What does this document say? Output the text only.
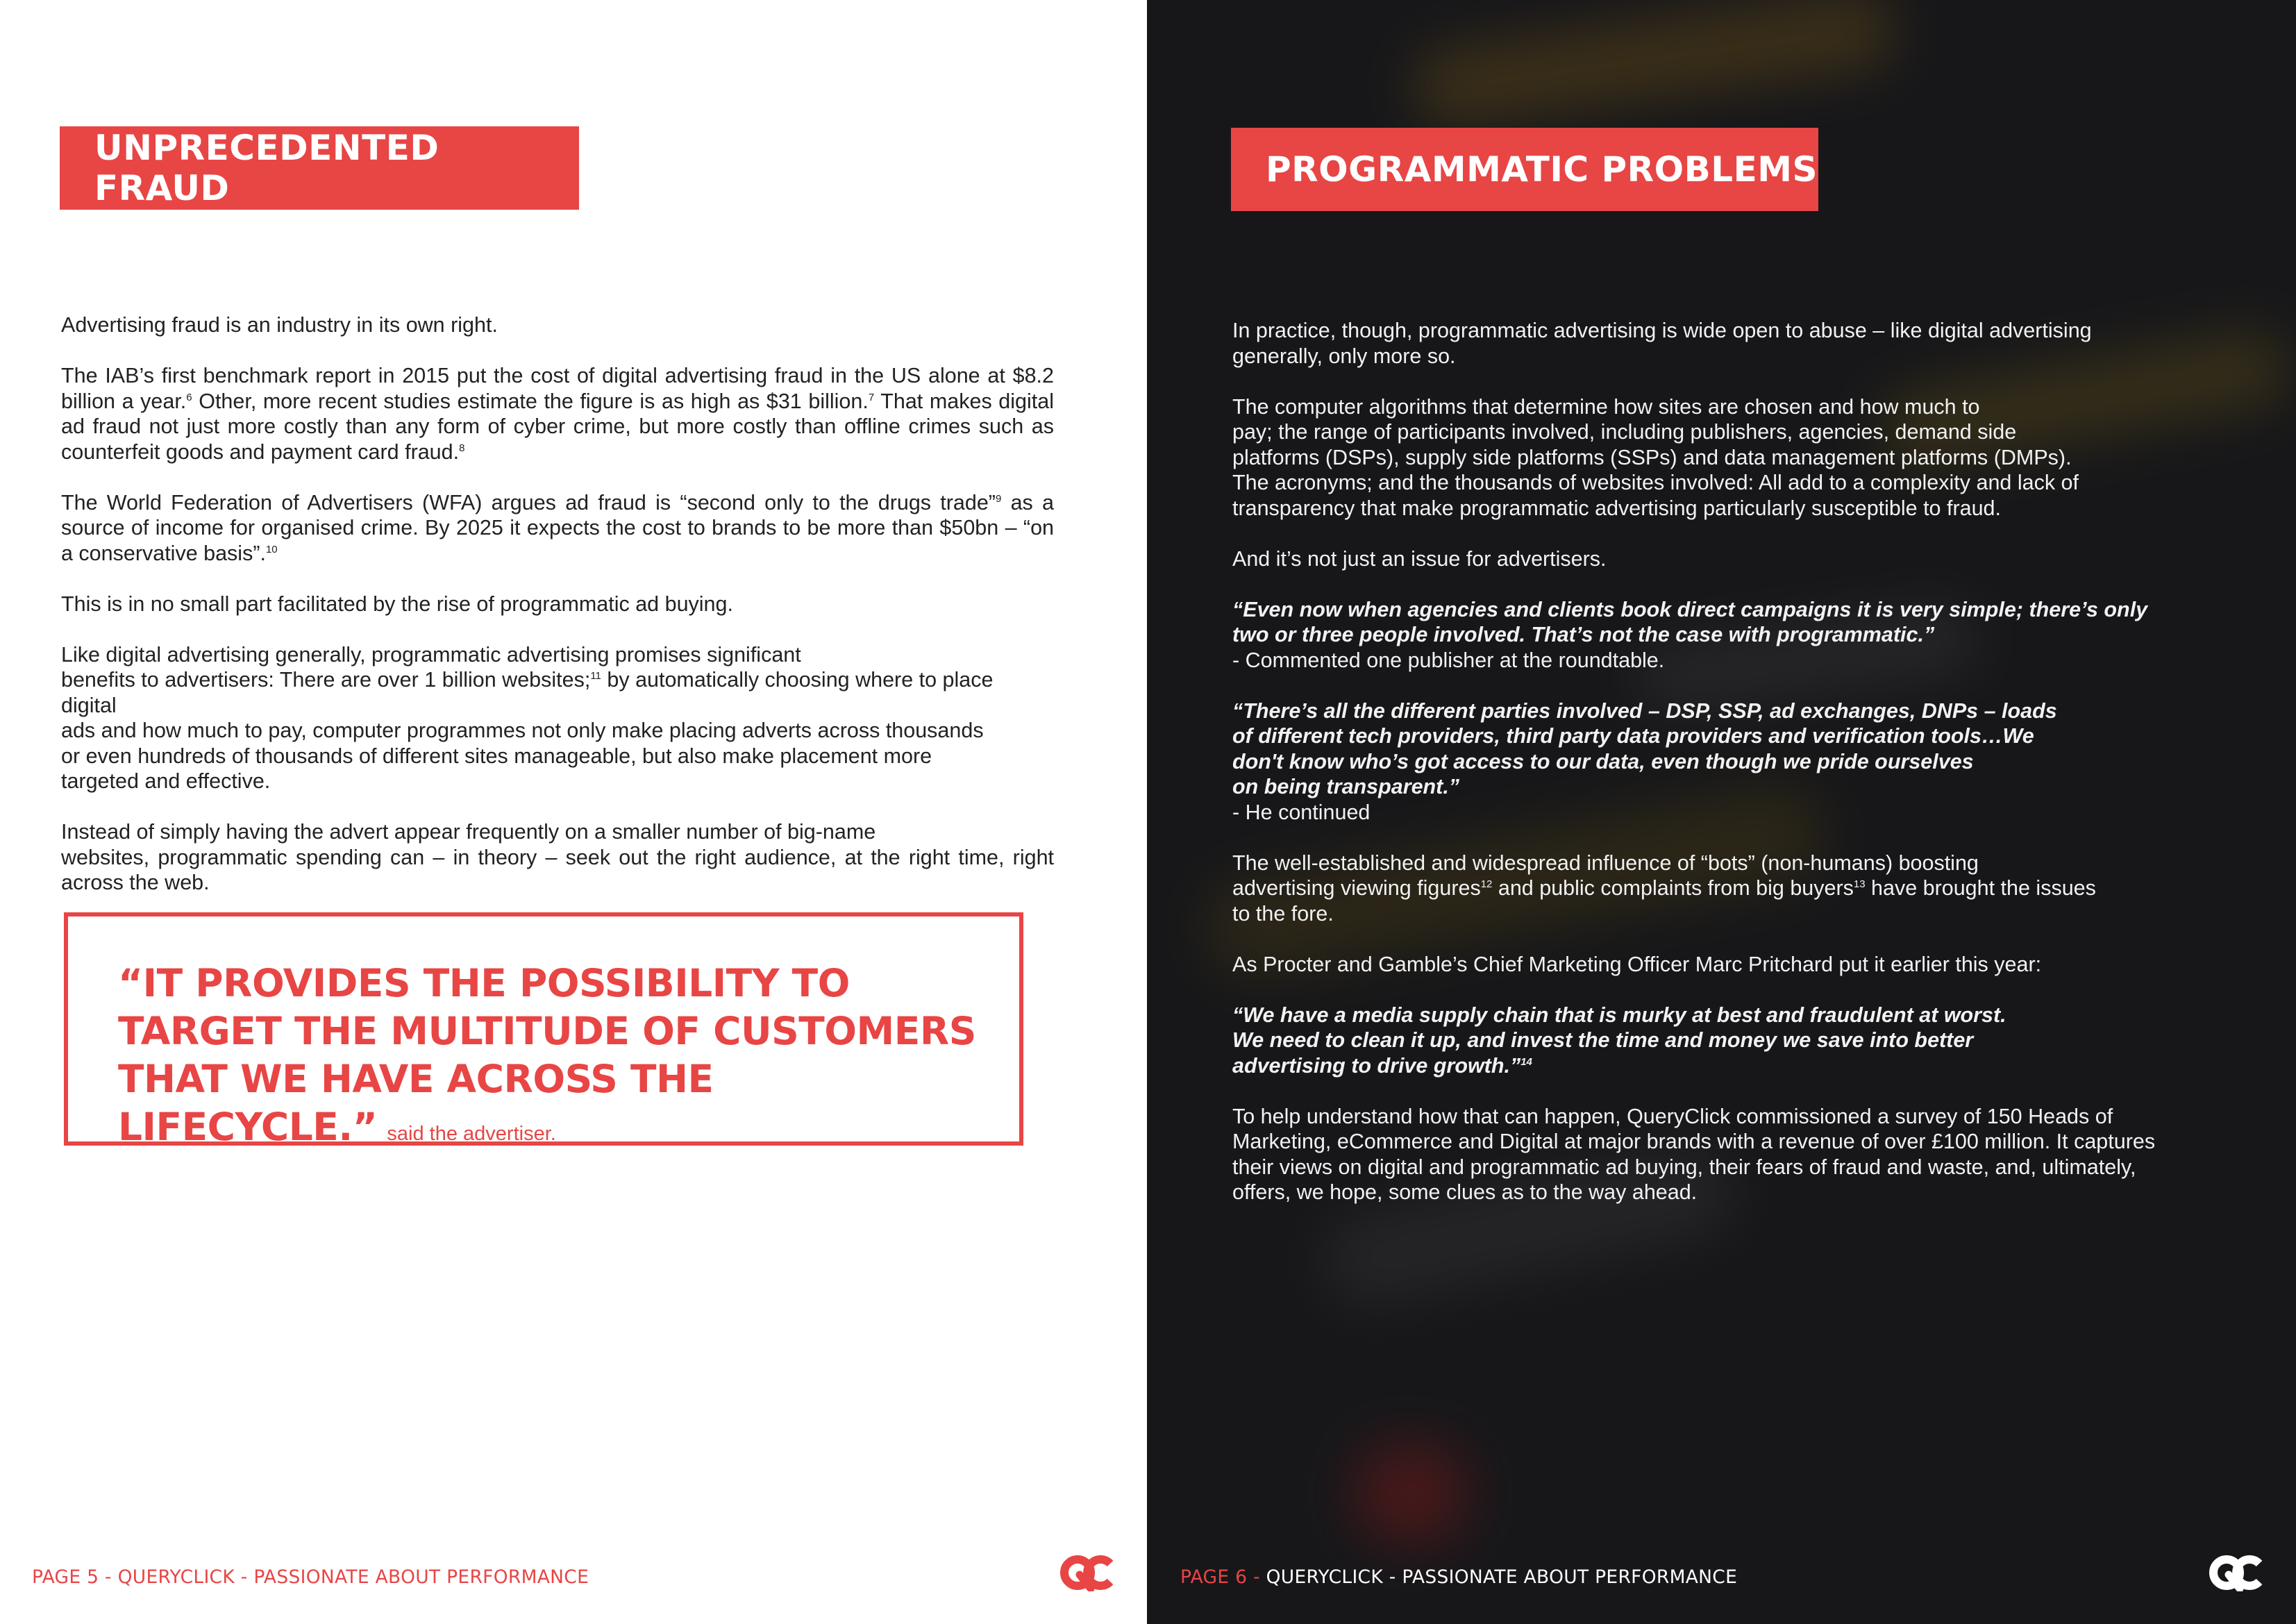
UNPRECEDENTED FRAUD

Advertising fraud is an industry in its own right.

The IAB’s first benchmark report in 2015 put the cost of digital advertising fraud in the US alone at $8.2 billion a year.$^6$ Other, more recent studies estimate the figure is as high as $31 billion.$^7$ That makes digital ad fraud not just more costly than any form of cyber crime, but more costly than offline crimes such as counterfeit goods and payment card fraud.$^8$

The World Federation of Advertisers (WFA) argues ad fraud is “second only to the drugs trade”$^9$ as a source of income for organised crime. By 2025 it expects the cost to brands to be more than $50bn – “on a conservative basis”.$^{10}$

This is in no small part facilitated by the rise of programmatic ad buying.

Like digital advertising generally, programmatic advertising promises significant
benefits to advertisers: There are over 1 billion websites;$^{11}$ by automatically choosing where to place digital
ads and how much to pay, computer programmes not only make placing adverts across thousands
or even hundreds of thousands of different sites manageable, but also make placement more
targeted and effective.

Instead of simply having the advert appear frequently on a smaller number of big-name
websites, programmatic spending can – in theory – seek out the right audience, at the right time, right across the web.

“IT PROVIDES THE POSSIBILITY TO TARGET THE MULTITUDE OF CUSTOMERS THAT WE HAVE ACROSS THE LIFECYCLE.” said the advertiser.
PAGE 5 - QUERYCLICK - PASSIONATE ABOUT PERFORMANCE
PROGRAMMATIC PROBLEMS

In practice, though, programmatic advertising is wide open to abuse – like digital advertising
generally, only more so.

The computer algorithms that determine how sites are chosen and how much to
pay; the range of participants involved, including publishers, agencies, demand side
platforms (DSPs), supply side platforms (SSPs) and data management platforms (DMPs).
The acronyms; and the thousands of websites involved: All add to a complexity and lack of
transparency that make programmatic advertising particularly susceptible to fraud.

And it’s not just an issue for advertisers.

“Even now when agencies and clients book direct campaigns it is very simple; there’s only
two or three people involved. That’s not the case with programmatic.”
- Commented one publisher at the roundtable.

“There’s all the different parties involved – DSP, SSP, ad exchanges, DNPs – loads
of different tech providers, third party data providers and verification tools…We
don't know who’s got access to our data, even though we pride ourselves
on being transparent.”
- He continued

The well-established and widespread influence of “bots” (non-humans) boosting
advertising viewing figures$^{12}$ and public complaints from big buyers$^{13}$ have brought the issues
to the fore.

As Procter and Gamble’s Chief Marketing Officer Marc Pritchard put it earlier this year:

“We have a media supply chain that is murky at best and fraudulent at worst.
We need to clean it up, and invest the time and money we save into better
advertising to drive growth.”$^{14}$

To help understand how that can happen, QueryClick commissioned a survey of 150 Heads of
Marketing, eCommerce and Digital at major brands with a revenue of over £100 million. It captures
their views on digital and programmatic ad buying, their fears of fraud and waste, and, ultimately,
offers, we hope, some clues as to the way ahead.

PAGE 6 - QUERYCLICK - PASSIONATE ABOUT PERFORMANCE
